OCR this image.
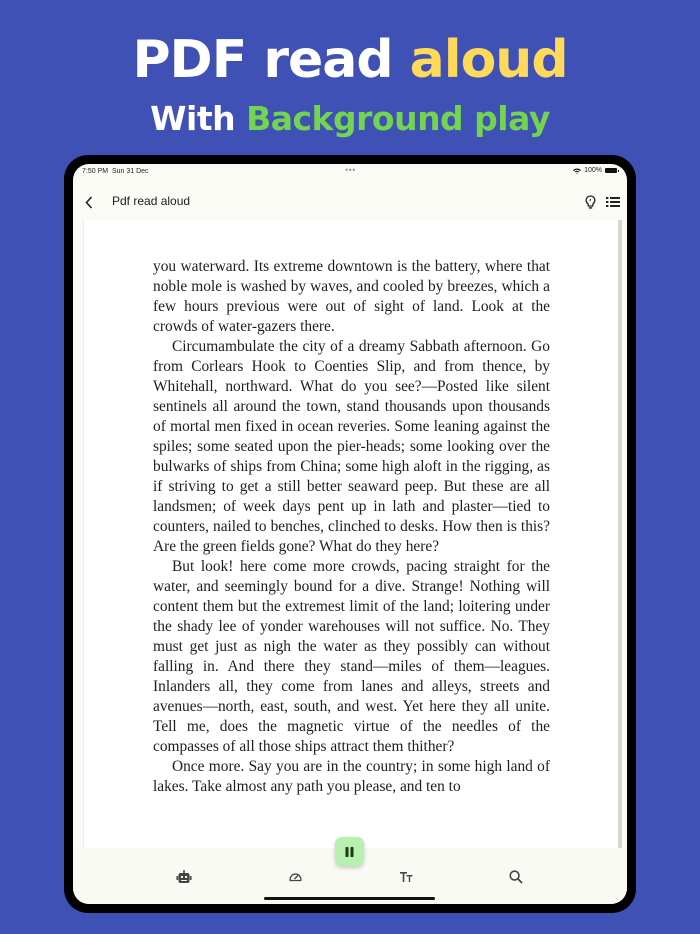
PDF read aloud
With Background play
7:50 PM Sun 31 Dec	•••	100%
Pdf read aloud

you waterward. Its extreme downtown is the battery, where that noble mole is washed by waves, and cooled by breezes, which a few hours previous were out of sight of land. Look at the crowds of water-gazers there.

Circumambulate the city of a dreamy Sabbath afternoon. Go from Corlears Hook to Coenties Slip, and from thence, by Whitehall, northward. What do you see?—Posted like silent sentinels all around the town, stand thousands upon thousands of mortal men fixed in ocean reveries. Some leaning against the spiles; some seated upon the pier-heads; some looking over the bulwarks of ships from China; some high aloft in the rigging, as if striving to get a still better seaward peep. But these are all landsmen; of week days pent up in lath and plaster—tied to counters, nailed to benches, clinched to desks. How then is this? Are the green fields gone? What do they here?

But look! here come more crowds, pacing straight for the water, and seemingly bound for a dive. Strange! Nothing will content them but the extremest limit of the land; loitering under the shady lee of yonder warehouses will not suffice. No. They must get just as nigh the water as they possibly can without falling in. And there they stand—miles of them—leagues. Inlanders all, they come from lanes and alleys, streets and avenues—north, east, south, and west. Yet here they all unite. Tell me, does the magnetic virtue of the needles of the compasses of all those ships attract them thither?

Once more. Say you are in the country; in some high land of lakes. Take almost any path you please, and ten to
